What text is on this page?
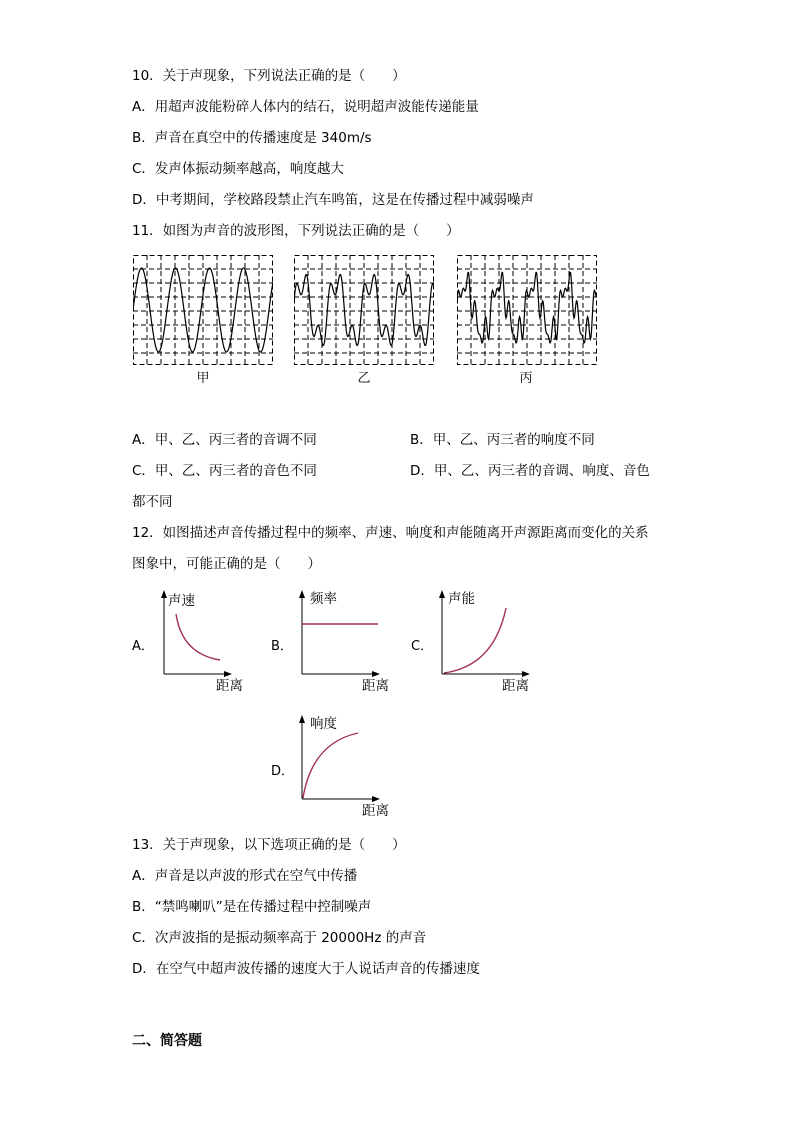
10．关于声现象，下列说法正确的是（　　）
A．用超声波能粉碎人体内的结石，说明超声波能传递能量
B．声音在真空中的传播速度是 340m/s
C．发声体振动频率越高，响度越大
D．中考期间，学校路段禁止汽车鸣笛，这是在传播过程中减弱噪声
11．如图为声音的波形图，下列说法正确的是（　　）
甲	乙	丙
A．甲、乙、丙三者的音调不同	B．甲、乙、丙三者的响度不同
C．甲、乙、丙三者的音色不同	D．甲、乙、丙三者的音调、响度、音色
都不同
12．如图描述声音传播过程中的频率、声速、响度和声能随离开声源距离而变化的关系
图象中，可能正确的是（　　）
A．
声速
距离
B．
频率
距离
C．
声能
距离
D．
响度
距离
13．关于声现象，以下选项正确的是（　　）
A．声音是以声波的形式在空气中传播
B．“禁鸣喇叭”是在传播过程中控制噪声
C．次声波指的是振动频率高于 20000Hz 的声音
D．在空气中超声波传播的速度大于人说话声音的传播速度
二、简答题
